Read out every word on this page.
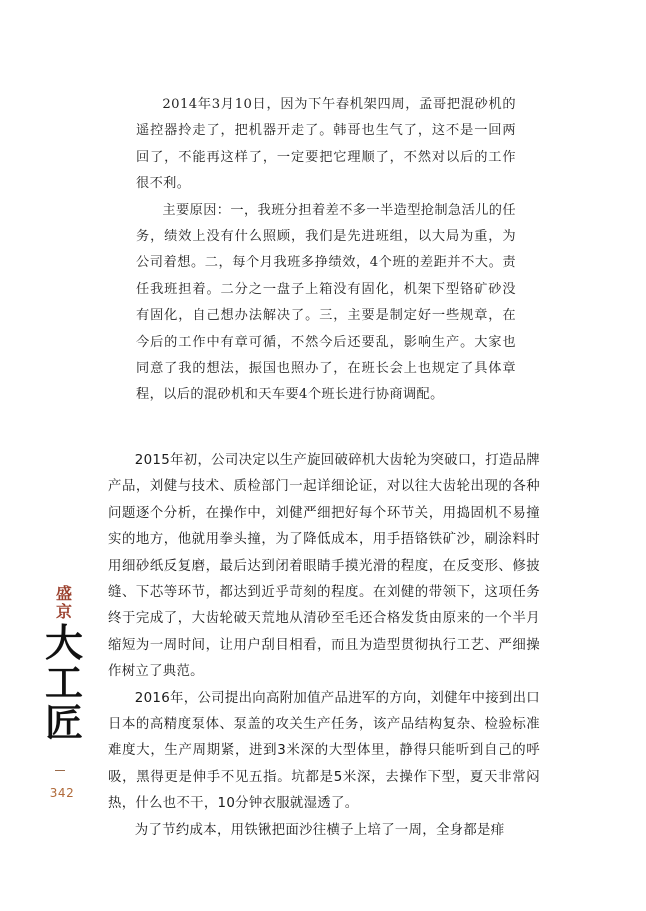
2014年3月10日，因为下午春机架四周，孟哥把混砂机的遥控器拎走了，把机器开走了。韩哥也生气了，这不是一回两回了，不能再这样了，一定要把它理顺了，不然对以后的工作很不利。

主要原因：一，我班分担着差不多一半造型抢制急活儿的任务，绩效上没有什么照顾，我们是先进班组，以大局为重，为公司着想。二，每个月我班多挣绩效，4个班的差距并不大。责任我班担着。二分之一盘子上箱没有固化，机架下型铬矿砂没有固化，自己想办法解决了。三，主要是制定好一些规章，在今后的工作中有章可循，不然今后还要乱，影响生产。大家也同意了我的想法，振国也照办了，在班长会上也规定了具体章程，以后的混砂机和天车要4个班长进行协商调配。

2015年初，公司决定以生产旋回破碎机大齿轮为突破口，打造品牌产品，刘健与技术、质检部门一起详细论证，对以往大齿轮出现的各种问题逐个分析，在操作中，刘健严细把好每个环节关，用捣固机不易撞实的地方，他就用拳头撞，为了降低成本，用手捂铬铁矿沙，刷涂料时用细砂纸反复磨，最后达到闭着眼睛手摸光滑的程度，在反变形、修披缝、下芯等环节，都达到近乎苛刻的程度。在刘健的带领下，这项任务终于完成了，大齿轮破天荒地从清砂至毛还合格发货由原来的一个半月缩短为一周时间，让用户刮目相看，而且为造型贯彻执行工艺、严细操作树立了典范。

2016年，公司提出向高附加值产品进军的方向，刘健年中接到出口日本的高精度泵体、泵盖的攻关生产任务，该产品结构复杂、检验标准难度大，生产周期紧，进到3米深的大型体里，静得只能听到自己的呼吸，黑得更是伸手不见五指。坑都是5米深，去操作下型，夏天非常闷热，什么也不干，10分钟衣服就湿透了。

为了节约成本，用铁锹把面沙往横子上培了一周，全身都是痱

盛
京
大
工
匠
342
